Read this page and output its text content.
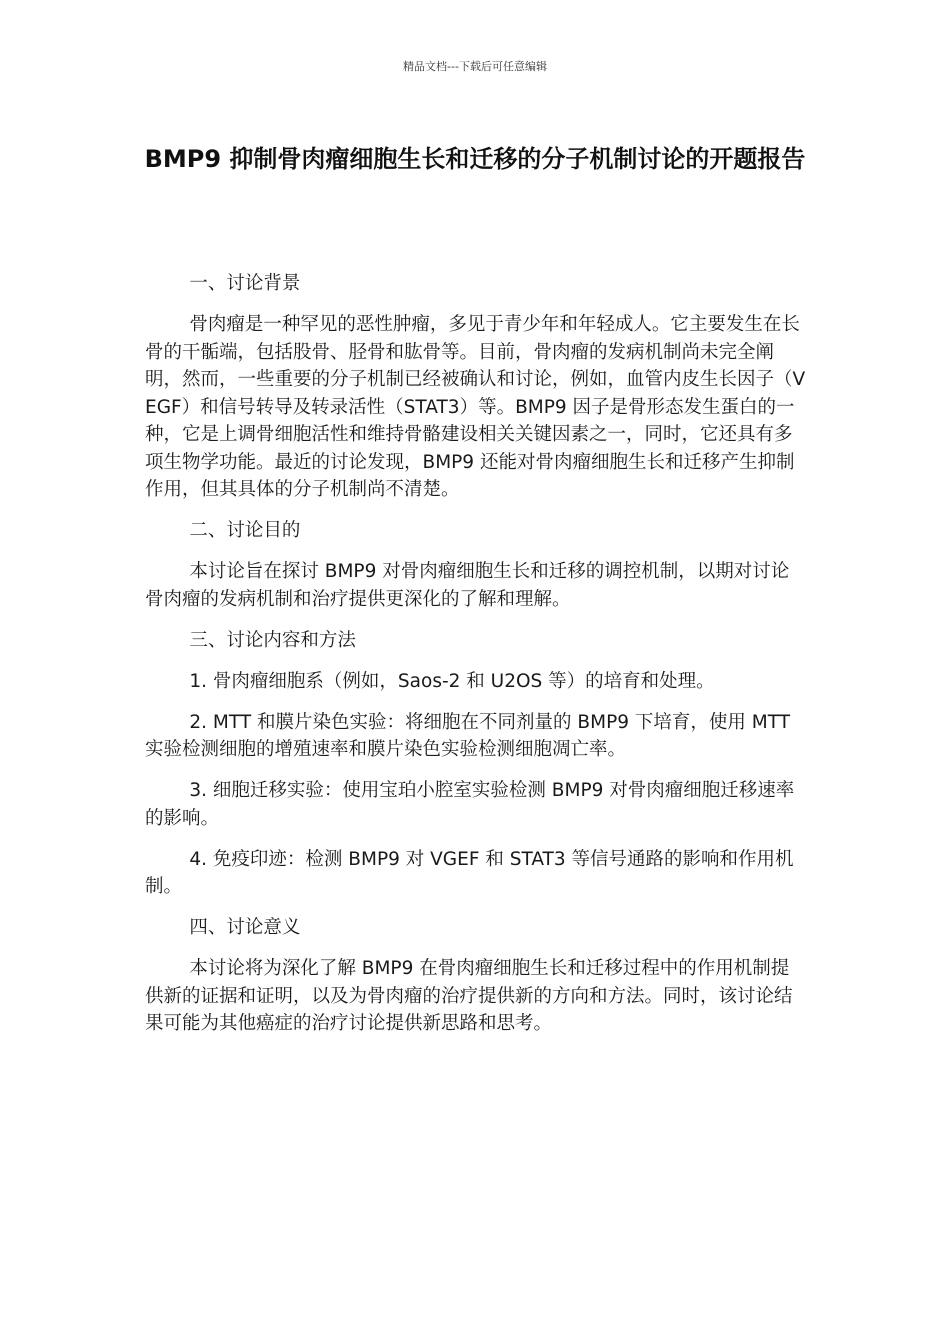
精品文档---下载后可任意编辑
BMP9 抑制骨肉瘤细胞生长和迁移的分子机制讨论的开题报告

一、讨论背景

骨肉瘤是一种罕见的恶性肿瘤，多见于青少年和年轻成人。它主要发生在长骨的干骺端，包括股骨、胫骨和肱骨等。目前，骨肉瘤的发病机制尚未完全阐明，然而，一些重要的分子机制已经被确认和讨论，例如，血管内皮生长因子（VEGF）和信号转导及转录活性（STAT3）等。BMP9 因子是骨形态发生蛋白的一种，它是上调骨细胞活性和维持骨骼建设相关关键因素之一，同时，它还具有多项生物学功能。最近的讨论发现，BMP9 还能对骨肉瘤细胞生长和迁移产生抑制作用，但其具体的分子机制尚不清楚。

二、讨论目的

本讨论旨在探讨 BMP9 对骨肉瘤细胞生长和迁移的调控机制，以期对讨论骨肉瘤的发病机制和治疗提供更深化的了解和理解。

三、讨论内容和方法

1. 骨肉瘤细胞系（例如，Saos-2 和 U2OS 等）的培育和处理。

2. MTT 和膜片染色实验：将细胞在不同剂量的 BMP9 下培育，使用 MTT 实验检测细胞的增殖速率和膜片染色实验检测细胞凋亡率。

3. 细胞迁移实验：使用宝珀小腔室实验检测 BMP9 对骨肉瘤细胞迁移速率的影响。

4. 免疫印迹：检测 BMP9 对 VGEF 和 STAT3 等信号通路的影响和作用机制。

四、讨论意义

本讨论将为深化了解 BMP9 在骨肉瘤细胞生长和迁移过程中的作用机制提供新的证据和证明，以及为骨肉瘤的治疗提供新的方向和方法。同时，该讨论结果可能为其他癌症的治疗讨论提供新思路和思考。
